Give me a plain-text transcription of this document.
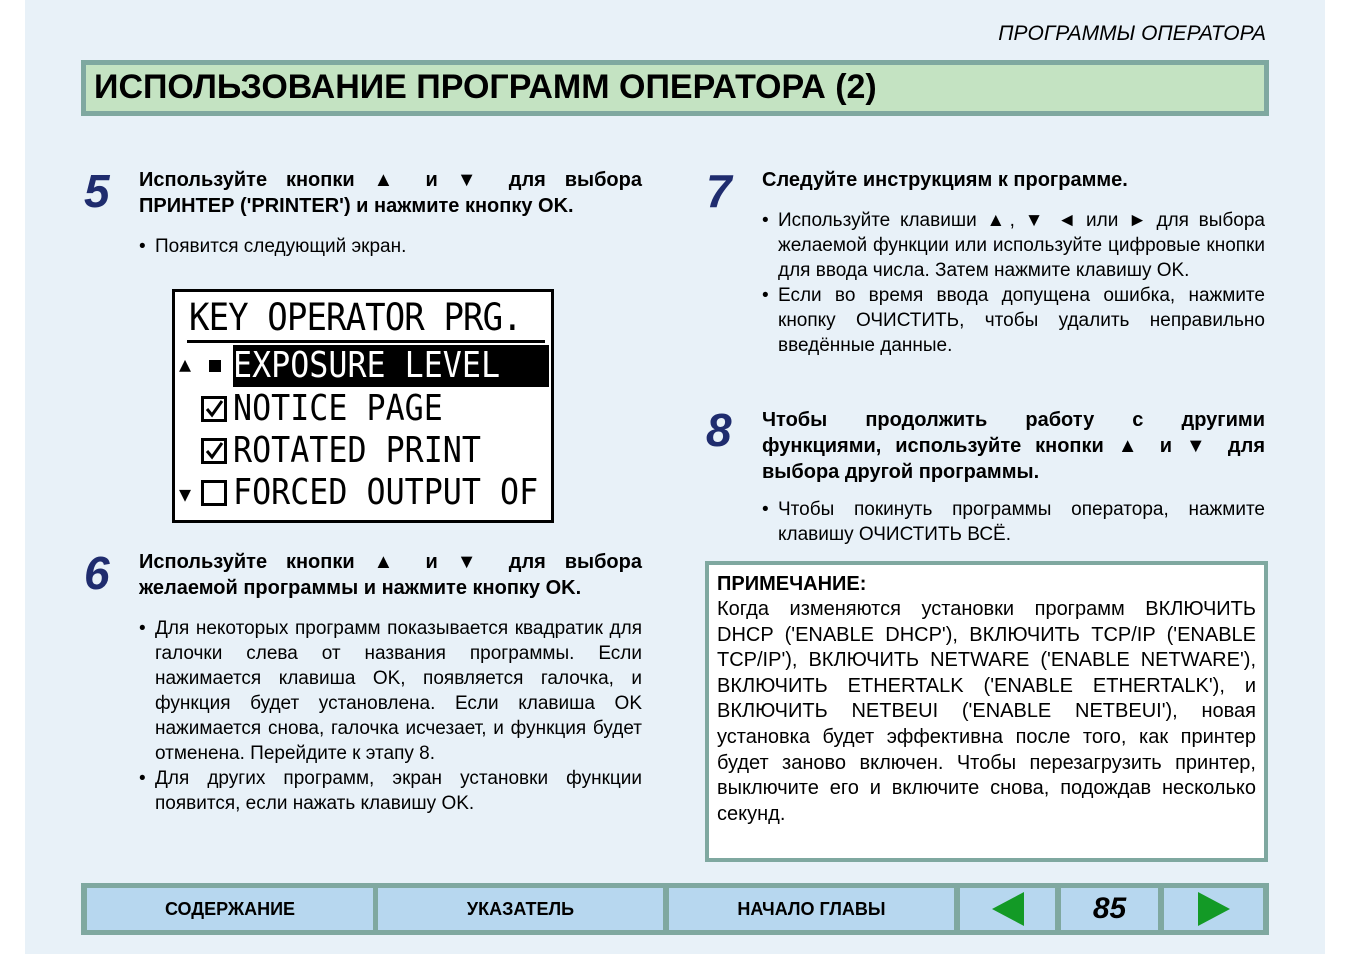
ПРОГРАММЫ ОПЕРАТОРА
ИСПОЛЬЗОВАНИЕ ПРОГРАММ ОПЕРАТОРА (2)
5 Используйте кнопки ▲ и ▼ для выбора
ПРИНТЕР ('PRINTER') и нажмите кнопку OK.
• Появится следующий экран.
KEY OPERATOR PRG.
▲ EXPOSURE LEVEL
NOTICE PAGE
ROTATED PRINT
▼ FORCED OUTPUT OF
6 Используйте кнопки ▲ и ▼ для выбора
желаемой программы и нажмите кнопку OK.
• Для некоторых программ показывается квадратик для галочки слева от названия программы. Если нажимается клавиша OK, появляется галочка, и функция будет установлена. Если клавиша OK нажимается снова, галочка исчезает, и функция будет отменена. Перейдите к этапу 8.
• Для других программ, экран установки функции появится, если нажать клавишу OK.
7 Следуйте инструкциям к программе.
• Используйте клавиши ▲, ▼ ◄ или ► для выбора желаемой функции или используйте цифровые кнопки для ввода числа. Затем нажмите клавишу OK.
• Если во время ввода допущена ошибка, нажмите кнопку ОЧИСТИТЬ, чтобы удалить неправильно введённые данные.
8 Чтобы продолжить работу с другими
функциями, используйте кнопки ▲ и ▼ для
выбора другой программы.
• Чтобы покинуть программы оператора, нажмите клавишу ОЧИСТИТЬ ВСЁ.
ПРИМЕЧАНИЕ:
Когда изменяются установки программ ВКЛЮЧИТЬ DHCP ('ENABLE DHCP'), ВКЛЮЧИТЬ TCP/IP ('ENABLE TCP/IP'), ВКЛЮЧИТЬ NETWARE ('ENABLE NETWARE'), ВКЛЮЧИТЬ ETHERTALK ('ENABLE ETHERTALK'), и ВКЛЮЧИТЬ NETBEUI ('ENABLE NETBEUI'), новая установка будет эффективна после того, как принтер будет заново включен. Чтобы перезагрузить принтер, выключите его и включите снова, подождав несколько секунд.
СОДЕРЖАНИЕ	УКАЗАТЕЛЬ	НАЧАЛО ГЛАВЫ	85
